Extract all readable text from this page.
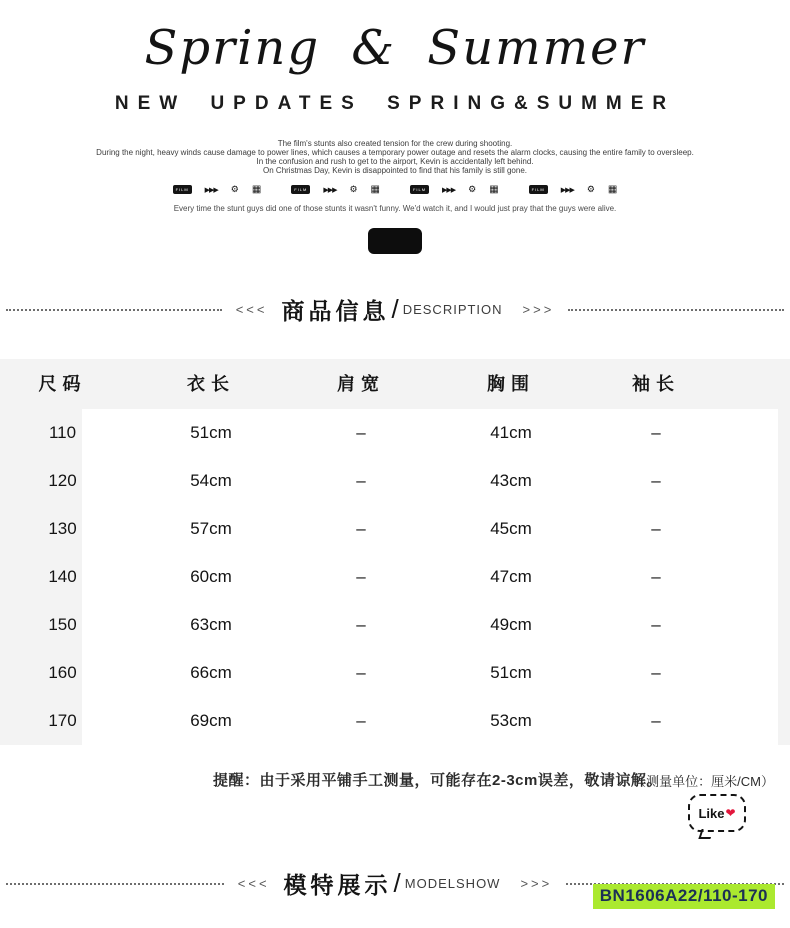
Spring & Summer
NEW UPDATES SPRING&SUMMER
The film's stunts also created tension for the crew during shooting.
During the night, heavy winds cause damage to power lines, which causes a temporary power outage and resets the alarm clocks, causing the entire family to oversleep.
In the confusion and rush to get to the airport, Kevin is accidentally left behind.
On Christmas Day, Kevin is disappointed to find that his family is still gone.
FILM	▶▶▶ ⚙ ▦	FILM	▶▶▶ ⚙ ▦	FILM	▶▶▶ ⚙ ▦	FILM	▶▶▶ ⚙ ▦
Every time the stunt guys did one of those stunts it wasn't funny. We'd watch it, and I would just pray that the guys were alive.
<<< 商品信息 / DESCRIPTION >>>
尺码	衣长	肩宽	胸围	袖长
110	51cm	–	41cm	–
120	54cm	–	43cm	–
130	57cm	–	45cm	–
140	60cm	–	47cm	–
150	63cm	–	49cm	–
160	66cm	–	51cm	–
170	69cm	–	53cm	–
提醒：由于采用平铺手工测量，可能存在2-3cm误差，敬请谅解。
（测量单位：厘米/CM）
Like ❤
<<< 模特展示 / MODELSHOW >>>
BN1606A22/110-170
